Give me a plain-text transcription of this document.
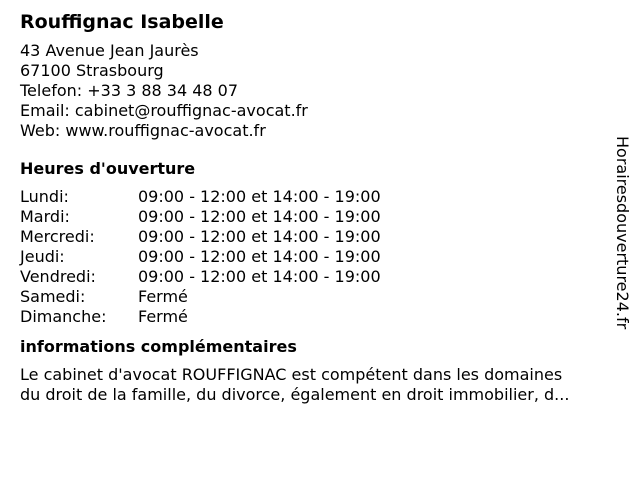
Rouffignac Isabelle
43 Avenue Jean Jaurès
67100 Strasbourg
Telefon: +33 3 88 34 48 07
Email: cabinet@rouffignac-avocat.fr
Web: www.rouffignac-avocat.fr
Heures d'ouverture
Lundi:	09:00 - 12:00 et 14:00 - 19:00
Mardi:	09:00 - 12:00 et 14:00 - 19:00
Mercredi:	09:00 - 12:00 et 14:00 - 19:00
Jeudi:	09:00 - 12:00 et 14:00 - 19:00
Vendredi:	09:00 - 12:00 et 14:00 - 19:00
Samedi:	Fermé
Dimanche:	Fermé
informations complémentaires
Le cabinet d'avocat ROUFFIGNAC est compétent dans les domaines
du droit de la famille, du divorce, également en droit immobilier, d...
Horairesdouverture24.fr
